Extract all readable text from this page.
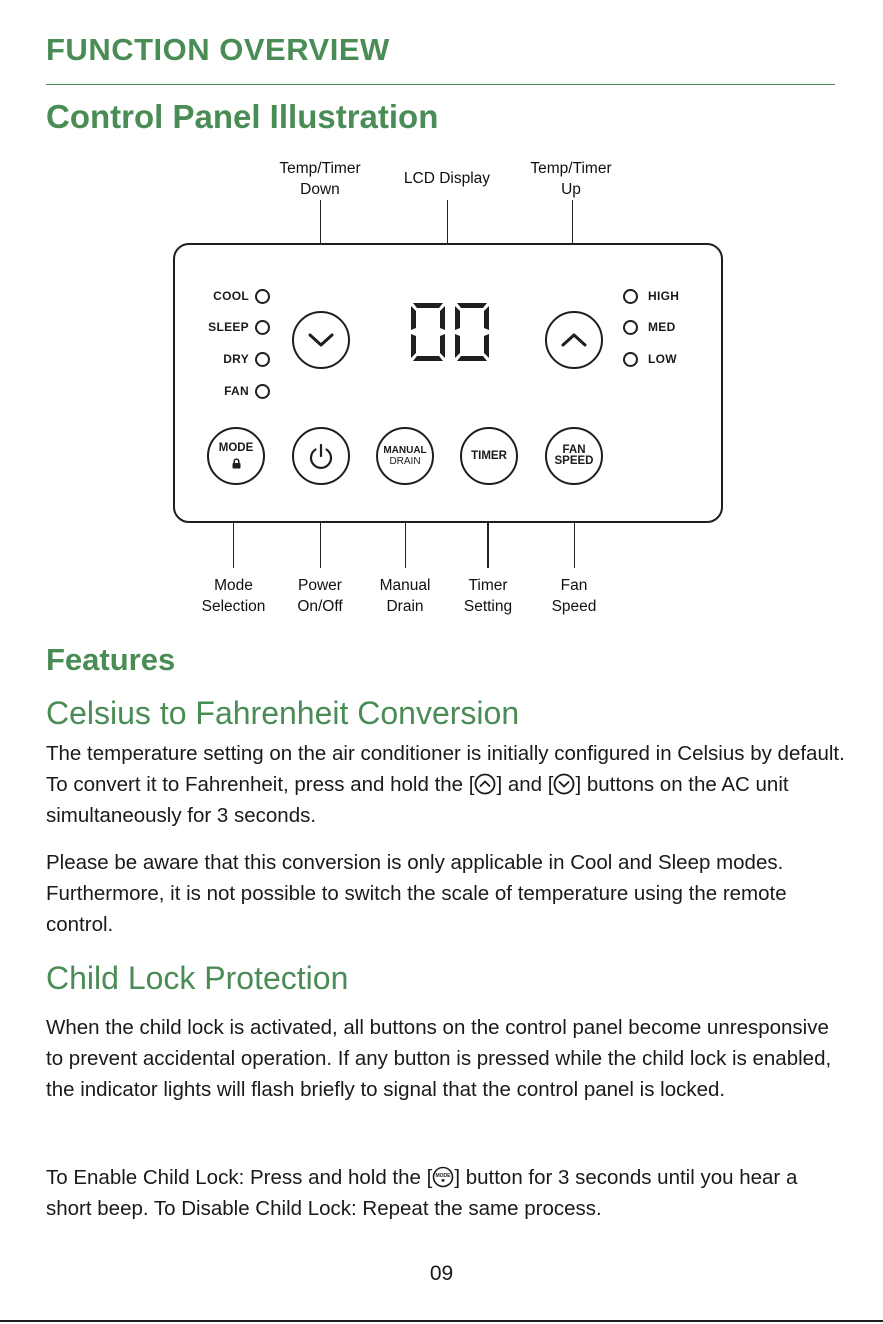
FUNCTION OVERVIEW
Control Panel Illustration
Temp/Timer
Down
LCD Display
Temp/Timer
Up
COOL
SLEEP
DRY
FAN
HIGH
MED
LOW
MODE	MANUAL
DRAIN	TIMER	FAN
SPEED
Mode
Selection
Power
On/Off
Manual
Drain
Timer
Setting
Fan
Speed
Features
Celsius to Fahrenheit Conversion
The temperature setting on the air conditioner is initially configured in Celsius by default. To convert it to Fahrenheit, press and hold the [ ] and [ ] buttons on the AC unit simultaneously for 3 seconds.
Please be aware that this conversion is only applicable in Cool and Sleep modes. Furthermore, it is not possible to switch the scale of temperature using the remote control.
Child Lock Protection
When the child lock is activated, all buttons on the control panel become unresponsive to prevent accidental operation. If any button is pressed while the child lock is enabled, the indicator lights will flash briefly to signal that the control panel is locked.
To Enable Child Lock: Press and hold the [ MODE ] button for 3 seconds until you hear a short beep. To Disable Child Lock: Repeat the same process.
09
